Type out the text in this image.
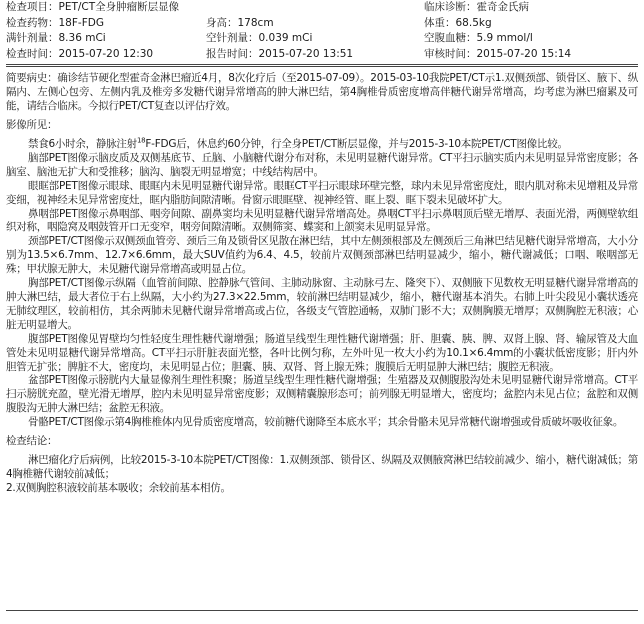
检查项目：PET/CT全身肿瘤断层显像	临床诊断：霍奇金氏病
检查药物：18F-FDG	身高：178cm	体重：68.5kg
满针剂量：8.36 mCi	空针剂量：0.039 mCi	空腹血糖：5.9 mmol/l
检查时间：2015-07-20 12:30	报告时间：2015-07-20 13:51	审核时间：2015-07-20 15:14

简要病史：确诊结节硬化型霍奇金淋巴瘤近4月，8次化疗后（至2015-07-09）。2015-03-10我院PET/CT示1.双侧颈部、锁骨区、腋下、纵隔内、左侧心包旁、左侧内乳及椎旁多发糖代谢异常增高的肿大淋巴结，第4胸椎骨质密度增高伴糖代谢异常增高，均考虑为淋巴瘤累及可能，请结合临床。今拟行PET/CT复查以评估疗效。

影像所见：

禁食6小时余，静脉注射$^{18}$F-FDG后，休息约60分钟，行全身PET/CT断层显像，并与2015-3-10本院PET/CT图像比较。

脑部PET图像示脑皮质及双侧基底节、丘脑、小脑糖代谢分布对称，未见明显糖代谢异常。CT平扫示脑实质内未见明显异常密度影；各脑室、脑池无扩大和受推移；脑沟、脑裂无明显增宽；中线结构居中。

眼眶部PET图像示眼球、眼眶内未见明显糖代谢异常。眼眶CT平扫示眼球环壁完整，球内未见异常密度灶，眼内肌对称未见增粗及异常变细，视神经未见异常密度灶，眶内脂肪间隙清晰。骨窗示眼眶壁、视神经管、眶上裂、眶下裂未见破坏扩大。

鼻咽部PET图像示鼻咽部、咽旁间隙、副鼻窦均未见明显糖代谢异常增高处。鼻咽CT平扫示鼻咽顶后壁无增厚、表面光滑，两侧壁软组织对称，咽隐窝及咽鼓管开口无变窄，咽旁间隙清晰。双侧筛窦、蝶窦和上颌窦未见明显异常。

颈部PET/CT图像示双侧颈血管旁、颈后三角及锁骨区见散在淋巴结，其中左侧颈根部及左侧颈后三角淋巴结见糖代谢异常增高，大小分别为13.5×6.7mm、12.7×6.6mm，最大SUV值约为6.4、4.5，较前片双侧颈部淋巴结明显减少，缩小，糖代谢减低；口咽、喉咽部无殊；甲状腺无肿大，未见糖代谢异常增高或明显占位。

胸部PET/CT图像示纵隔（血管前间隙、腔静脉气管间、主肺动脉窗、主动脉弓左、隆突下）、双侧腋下见数枚无明显糖代谢异常增高的肿大淋巴结，最大者位于右上纵隔，大小约为27.3×22.5mm，较前淋巴结明显减少，缩小，糖代谢基本消失。右肺上叶尖段见小囊状透亮无肺纹理区，较前相仿，其余两肺未见糖代谢异常增高或占位，各级支气管腔通畅，双肺门影不大；双侧胸膜无增厚；双侧胸腔无积液；心脏无明显增大。

腹部PET图像见胃壁均匀性轻度生理性糖代谢增强；肠道呈线型生理性糖代谢增强；肝、胆囊、胰、脾、双肾上腺、肾、输尿管及大血管处未见明显糖代谢异常增高。CT平扫示肝脏表面光整，各叶比例匀称，左外叶见一枚大小约为10.1×6.4mm的小囊状低密度影；肝内外胆管无扩张；脾脏不大，密度均，未见明显占位；胆囊、胰、双肾、肾上腺无殊；腹膜后无明显肿大淋巴结；腹腔无积液。

盆部PET图像示膀胱内大量显像剂生理性积聚；肠道呈线型生理性糖代谢增强；生殖器及双侧腹股沟处未见明显糖代谢异常增高。CT平扫示膀胱充盈，壁光滑无增厚，腔内未见明显异常密度影；双侧精囊腺形态可；前列腺无明显增大，密度均；盆腔内未见占位；盆腔和双侧腹股沟无肿大淋巴结；盆腔无积液。

骨骼PET/CT图像示第4胸椎椎体内见骨质密度增高，较前糖代谢降至本底水平；其余骨骼未见异常糖代谢增强或骨质破坏吸收征象。

检查结论：

淋巴瘤化疗后病例，比较2015-3-10本院PET/CT图像：1.双侧颈部、锁骨区、纵隔及双侧腋窝淋巴结较前减少、缩小，糖代谢减低；第4胸椎糖代谢较前减低；

2.双侧胸腔积液较前基本吸收；余较前基本相仿。
